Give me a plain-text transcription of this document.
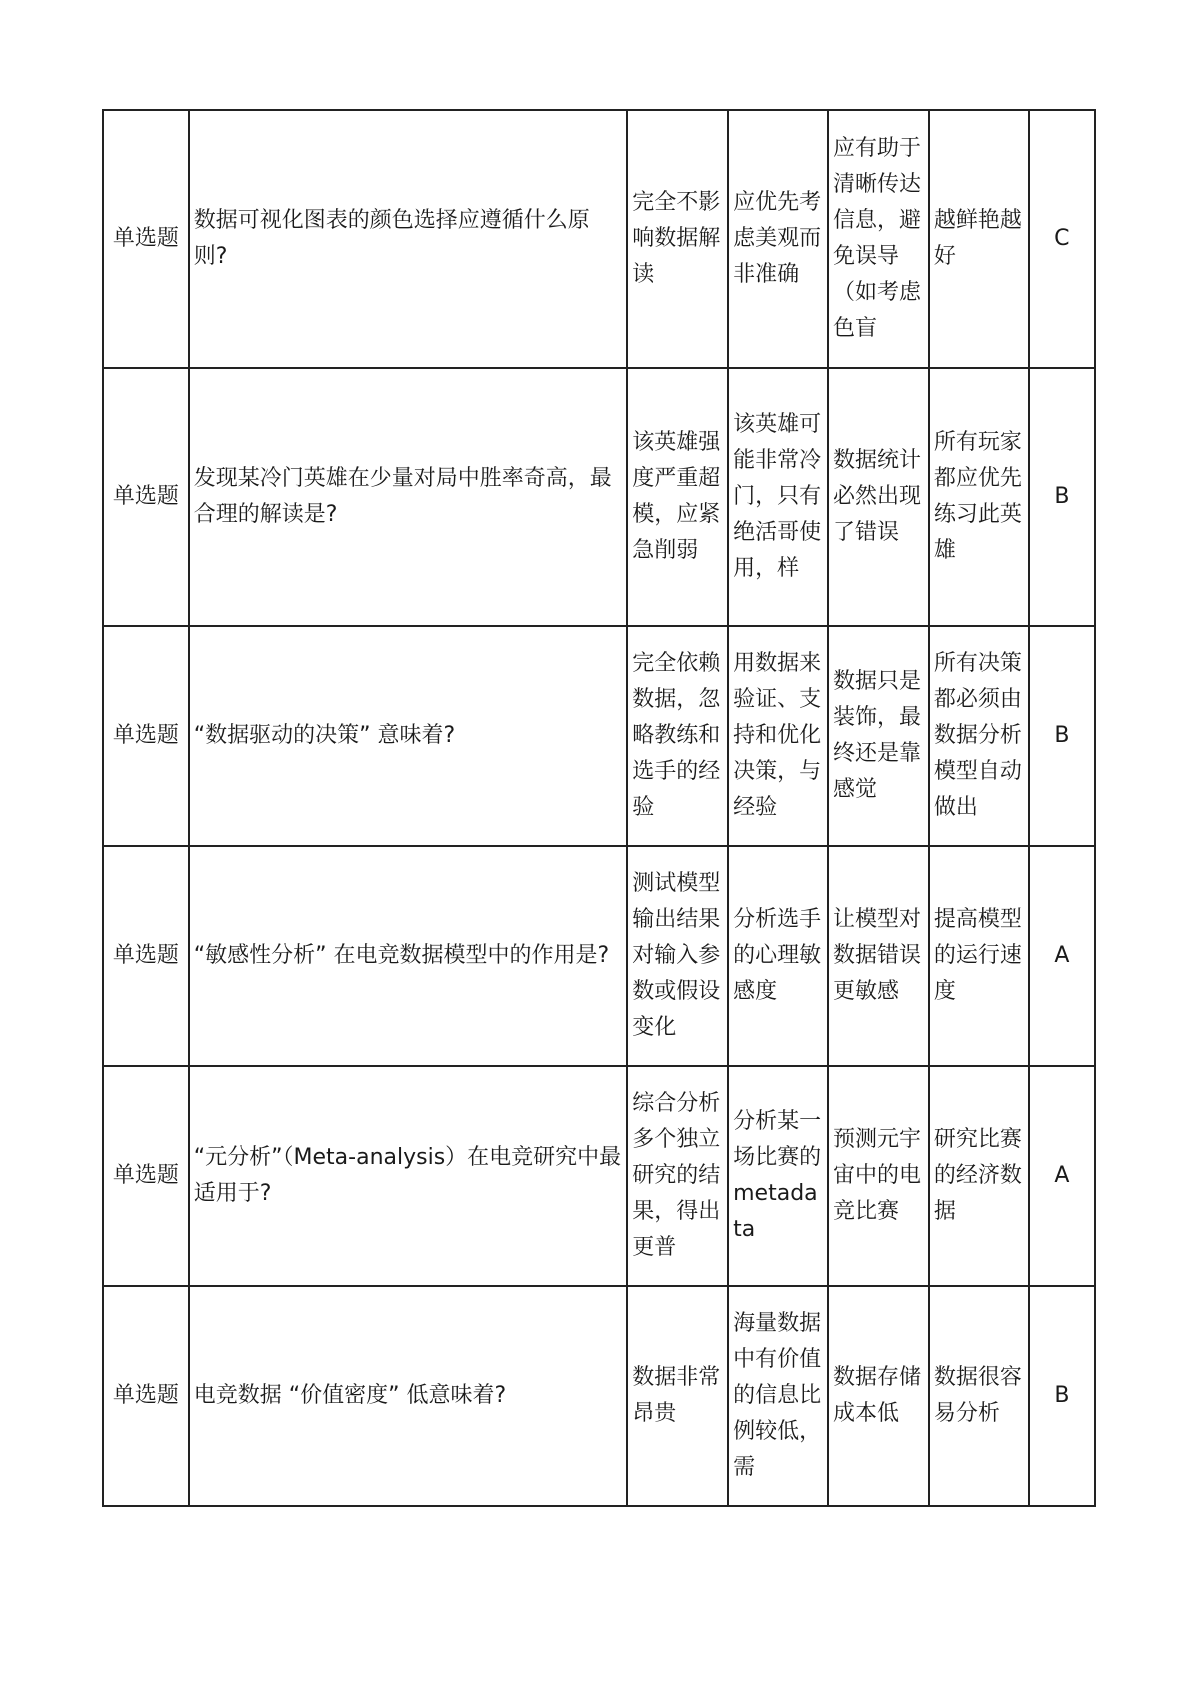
单选题	数据可视化图表的颜色选择应遵循什么原则?	完全不影响数据解读	应优先考虑美观而非准确	应有助于清晰传达信息，避免误导（如考虑色盲	越鲜艳越好	C

单选题	发现某冷门英雄在少量对局中胜率奇高，最合理的解读是?	该英雄强度严重超模，应紧急削弱	该英雄可能非常冷门，只有绝活哥使用，样	数据统计必然出现了错误	所有玩家都应优先练习此英雄	B

单选题	“数据驱动的决策” 意味着?	完全依赖数据，忽略教练和选手的经验	用数据来验证、支持和优化决策，与经验	数据只是装饰，最终还是靠感觉	所有决策都必须由数据分析模型自动做出	B

单选题	“敏感性分析” 在电竞数据模型中的作用是?	测试模型输出结果对输入参数或假设变化	分析选手的心理敏感度	让模型对数据错误更敏感	提高模型的运行速度	A

单选题	“元分析”（Meta-analysis）在电竞研究中最适用于?	综合分析多个独立研究的结果，得出更普	分析某一场比赛的metadata	预测元宇宙中的电竞比赛	研究比赛的经济数据	A

单选题	电竞数据 “价值密度” 低意味着?	数据非常昂贵	海量数据中有价值的信息比例较低，需	数据存储成本低	数据很容易分析	B
